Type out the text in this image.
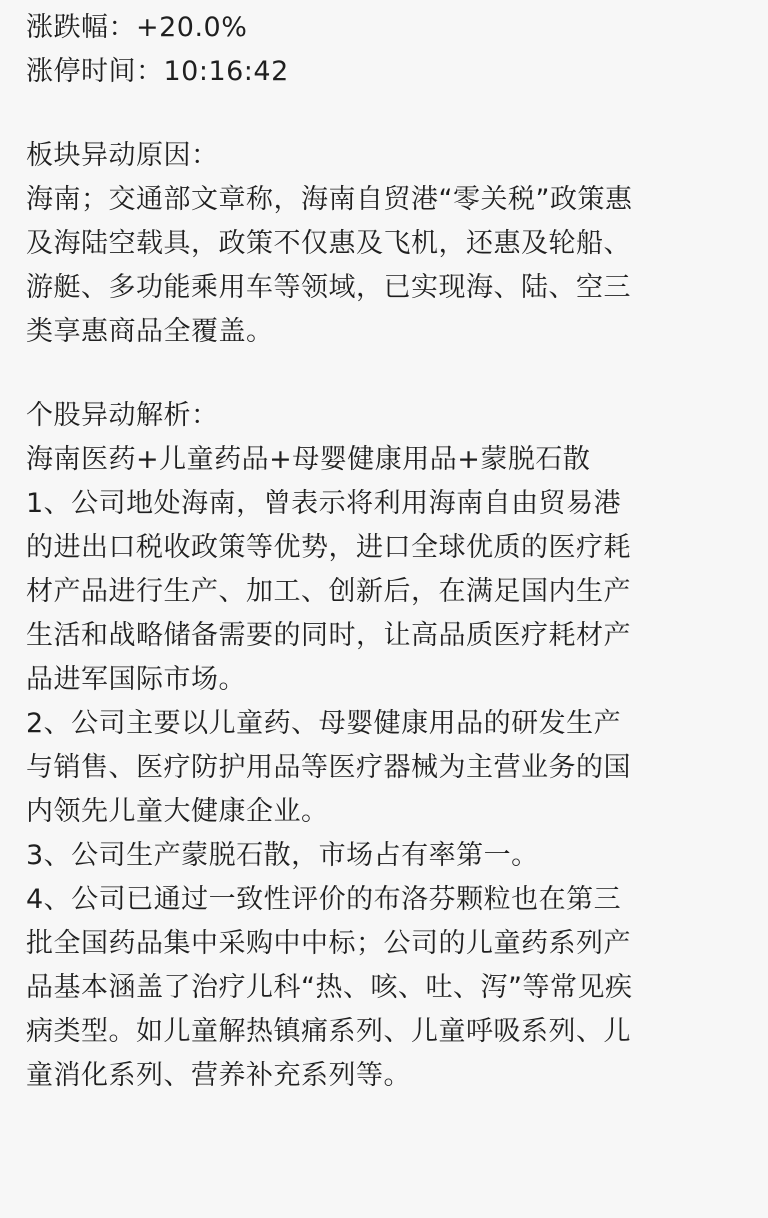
涨跌幅：+20.0%
涨停时间：10:16:42
板块异动原因：
海南；交通部文章称，海南自贸港“零关税”政策惠
及海陆空载具，政策不仅惠及飞机，还惠及轮船、
游艇、多功能乘用车等领域，已实现海、陆、空三
类享惠商品全覆盖。
个股异动解析：
海南医药+儿童药品+母婴健康用品+蒙脱石散
1、公司地处海南，曾表示将利用海南自由贸易港
的进出口税收政策等优势，进口全球优质的医疗耗
材产品进行生产、加工、创新后，在满足国内生产
生活和战略储备需要的同时，让高品质医疗耗材产
品进军国际市场。
2、公司主要以儿童药、母婴健康用品的研发生产
与销售、医疗防护用品等医疗器械为主营业务的国
内领先儿童大健康企业。
3、公司生产蒙脱石散，市场占有率第一。
4、公司已通过一致性评价的布洛芬颗粒也在第三
批全国药品集中采购中中标；公司的儿童药系列产
品基本涵盖了治疗儿科“热、咳、吐、泻”等常见疾
病类型。如儿童解热镇痛系列、儿童呼吸系列、儿
童消化系列、营养补充系列等。
